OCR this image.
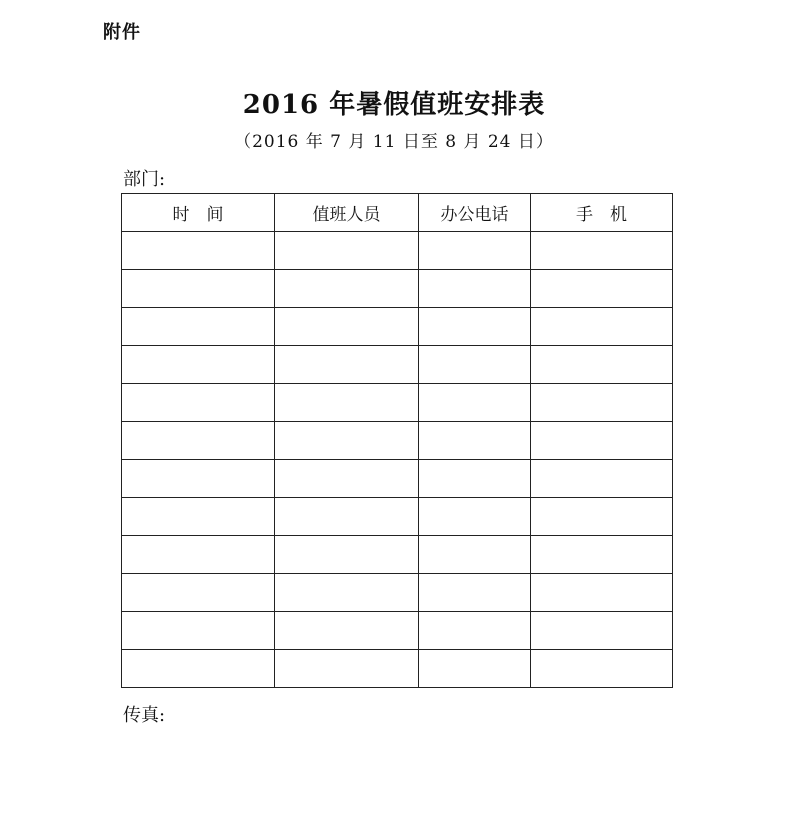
附件
2016 年暑假值班安排表
（2016 年 7 月 11 日至 8 月 24 日）
部门:
时　间	值班人员	办公电话	手　机

传真:
